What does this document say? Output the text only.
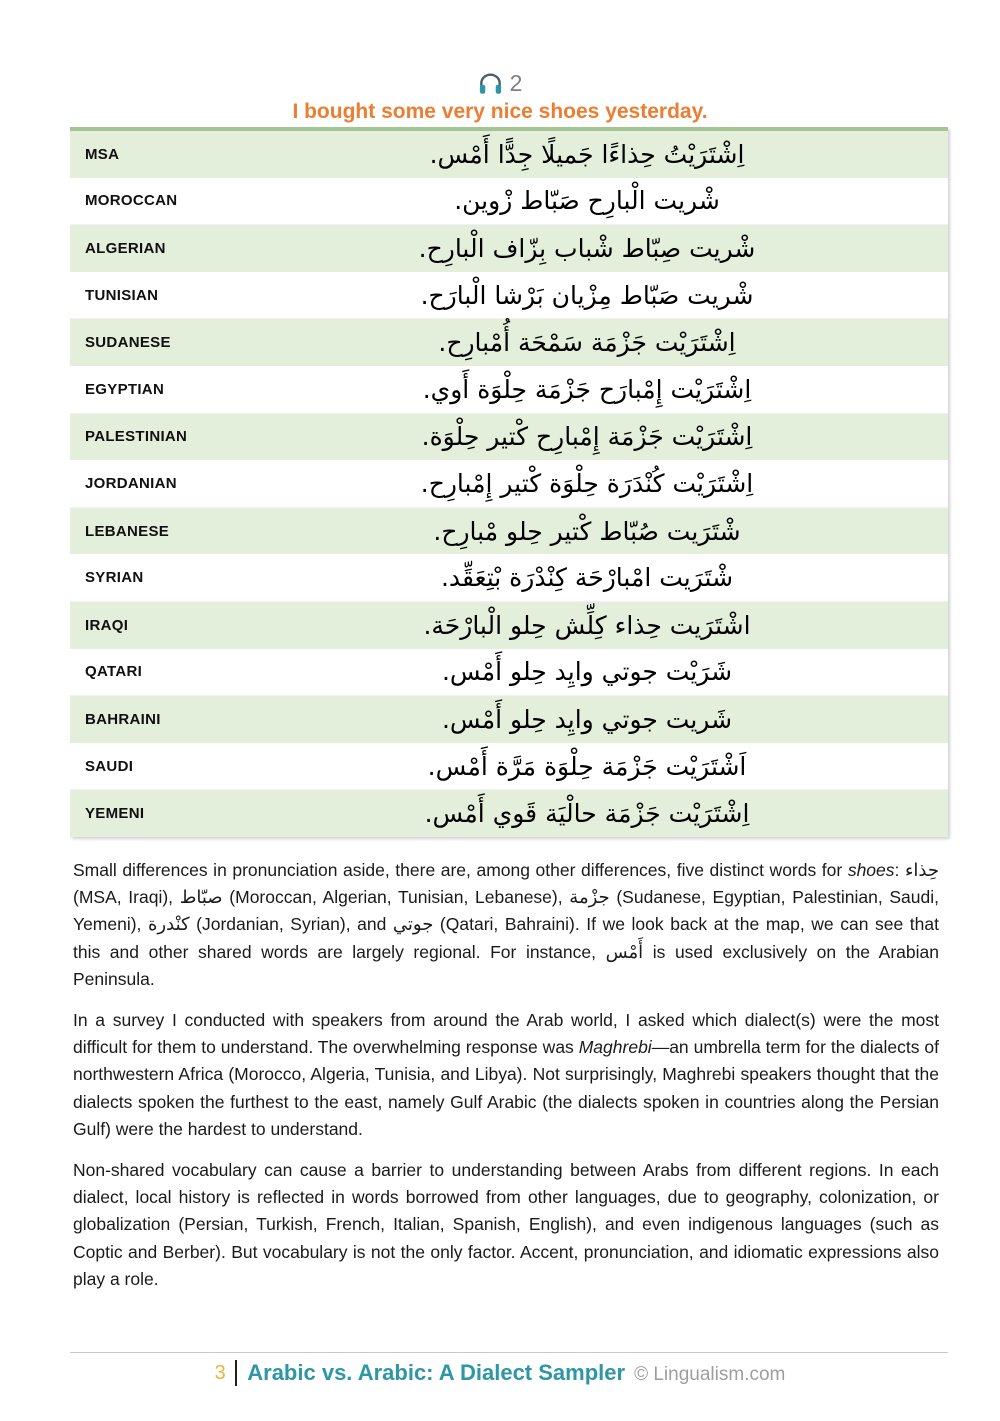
2
I bought some very nice shoes yesterday.
MSA	اِشْتَرَيْتُ حِذاءًا جَميلًا جِدًّا أَمْس.
MOROCCAN	شْريت الْبارِح صَبّاط زْوين.
ALGERIAN	شْريت صِبّاط شْباب بِزّاف الْبارِح.
TUNISIAN	شْريت صَبّاط مِزْيان بَرْشا الْبارَح.
SUDANESE	اِشْتَرَيْت جَزْمَة سَمْحَة أُمْبارِح.
EGYPTIAN	اِشْتَرَيْت إِمْبارَح جَزْمَة حِلْوَة أَوي.
PALESTINIAN	اِشْتَرَيْت جَزْمَة إِمْبارِح كْتير حِلْوَة.
JORDANIAN	اِشْتَرَيْت كُنْدَرَة حِلْوَة كْتير إِمْبارِح.
LEBANESE	شْتَرَيت صُبّاط كْتير حِلو مْبارِح.
SYRIAN	شْتَرَيت امْبارْحَة كِنْدْرَة بْتِعَقِّد.
IRAQI	اشْتَرَيت حِذاء كِلِّش حِلو الْبارْحَة.
QATARI	شَرَيْت جوتي وايِد حِلو أَمْس.
BAHRAINI	شَريت جوتي وايِد حِلو أَمْس.
SAUDI	اَشْتَرَيْت جَزْمَة حِلْوَة مَرَّة أَمْس.
YEMENI	اِشْتَرَيْت جَزْمَة حالْيَة قَوي أَمْس.

Small differences in pronunciation aside, there are, among other differences, five distinct words for shoes: حِذاء (MSA, Iraqi), صبّاط (Moroccan, Algerian, Tunisian, Lebanese), جزْمة (Sudanese, Egyptian, Palestinian, Saudi, Yemeni), كنْدرة (Jordanian, Syrian), and جوتي (Qatari, Bahraini). If we look back at the map, we can see that this and other shared words are largely regional. For instance, أَمْس is used exclusively on the Arabian Peninsula.

In a survey I conducted with speakers from around the Arab world, I asked which dialect(s) were the most difficult for them to understand. The overwhelming response was Maghrebi—an umbrella term for the dialects of northwestern Africa (Morocco, Algeria, Tunisia, and Libya). Not surprisingly, Maghrebi speakers thought that the dialects spoken the furthest to the east, namely Gulf Arabic (the dialects spoken in countries along the Persian Gulf) were the hardest to understand.

Non-shared vocabulary can cause a barrier to understanding between Arabs from different regions. In each dialect, local history is reflected in words borrowed from other languages, due to geography, colonization, or globalization (Persian, Turkish, French, Italian, Spanish, English), and even indigenous languages (such as Coptic and Berber). But vocabulary is not the only factor. Accent, pronunciation, and idiomatic expressions also play a role.

3 Arabic vs. Arabic: A Dialect Sampler © Lingualism.com
